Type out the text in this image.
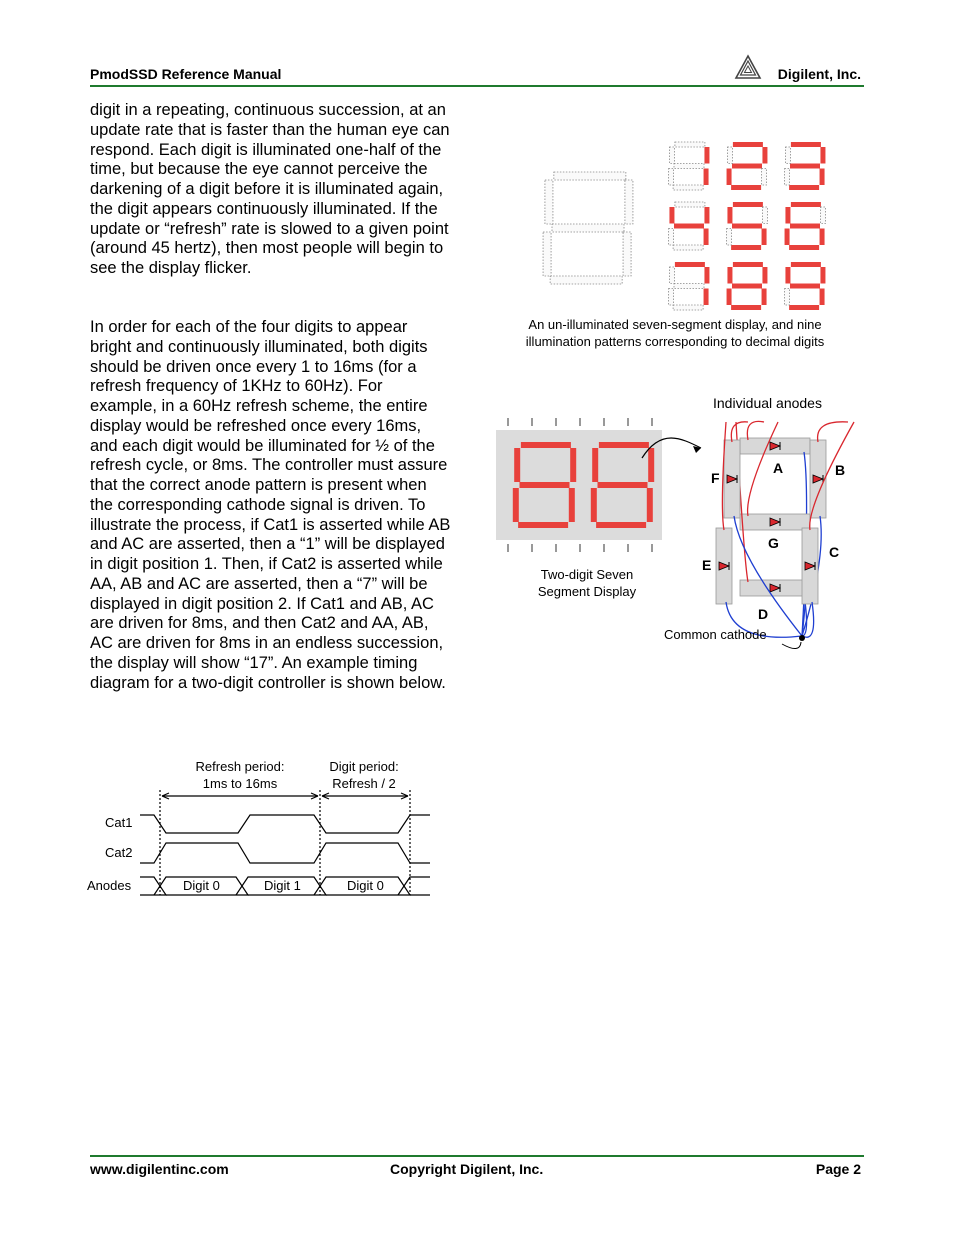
PmodSSD Reference Manual	Digilent, Inc.

digit in a repeating, continuous succession, at an update rate that is faster than the human eye can respond. Each digit is illuminated one-half of the time, but because the eye cannot perceive the darkening of a digit before it is illuminated again, the digit appears continuously illuminated. If the update or “refresh” rate is slowed to a given point (around 45 hertz), then most people will begin to see the display flicker.

In order for each of the four digits to appear bright and continuously illuminated, both digits should be driven once every 1 to 16ms (for a refresh frequency of 1KHz to 60Hz). For example, in a 60Hz refresh scheme, the entire display would be refreshed once every 16ms, and each digit would be illuminated for ½ of the refresh cycle, or 8ms. The controller must assure that the correct anode pattern is present when the corresponding cathode signal is driven. To illustrate the process, if Cat1 is asserted while AB and AC are asserted, then a “1” will be displayed in digit position 1. Then, if Cat2 is asserted while AA, AB and AC are asserted, then a “7” will be displayed in digit position 2. If Cat1 and AB, AC are driven for 8ms, and then Cat2 and AA, AB, AC are driven for 8ms in an endless succession, the display will show “17”. An example timing diagram for a two-digit controller is shown below.

An un-illuminated seven-segment display, and nine
illumination patterns corresponding to decimal digits
Individual anodes
Two-digit Seven
Segment Display
Common cathode
A	B
C
D
E
F
G
Refresh period:
1ms to 16ms
Digit period:
Refresh / 2
Cat1
Cat2
Anodes	Digit 0	Digit 1	Digit 0
www.digilentinc.com	Copyright Digilent, Inc.	Page 2
